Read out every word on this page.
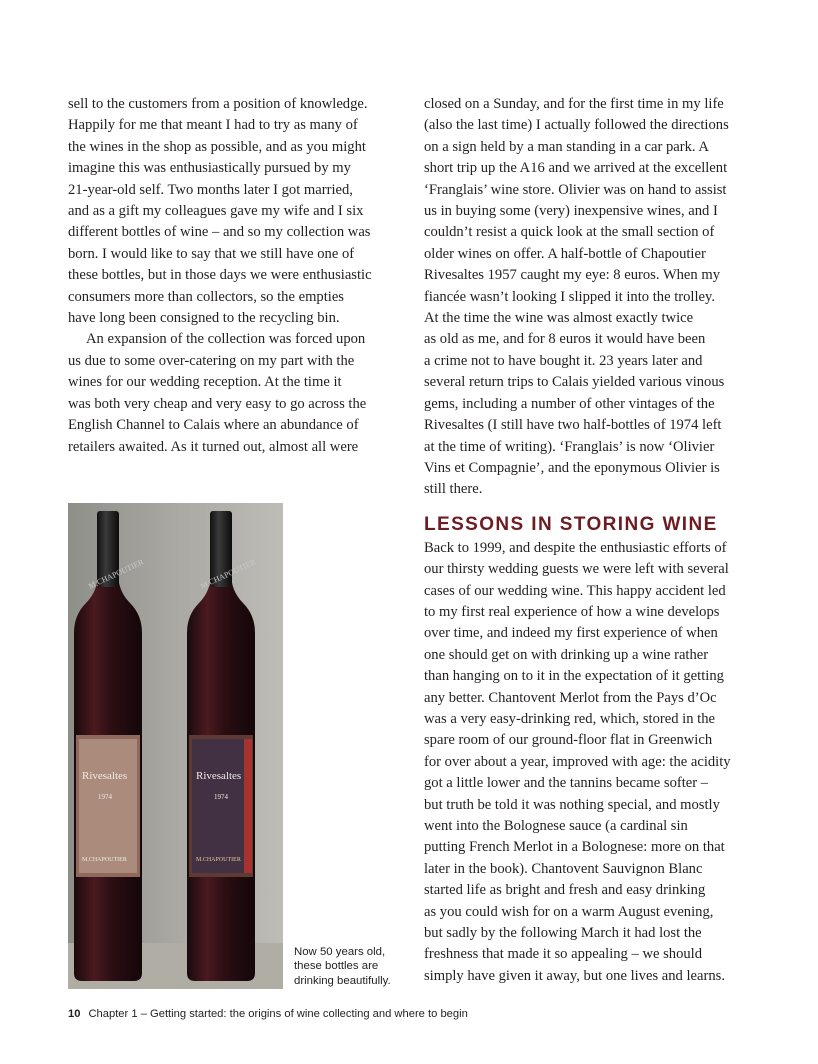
sell to the customers from a position of knowledge.
Happily for me that meant I had to try as many of
the wines in the shop as possible, and as you might
imagine this was enthusiastically pursued by my
21-year-old self. Two months later I got married,
and as a gift my colleagues gave my wife and I six
different bottles of wine – and so my collection was
born. I would like to say that we still have one of
these bottles, but in those days we were enthusiastic
consumers more than collectors, so the empties
have long been consigned to the recycling bin.
An expansion of the collection was forced upon
us due to some over-catering on my part with the
wines for our wedding reception. At the time it
was both very cheap and very easy to go across the
English Channel to Calais where an abundance of
retailers awaited. As it turned out, almost all were
closed on a Sunday, and for the first time in my life
(also the last time) I actually followed the directions
on a sign held by a man standing in a car park. A
short trip up the A16 and we arrived at the excellent
‘Franglais’ wine store. Olivier was on hand to assist
us in buying some (very) inexpensive wines, and I
couldn’t resist a quick look at the small section of
older wines on offer. A half-bottle of Chapoutier
Rivesaltes 1957 caught my eye: 8 euros. When my
fiancée wasn’t looking I slipped it into the trolley.
At the time the wine was almost exactly twice
as old as me, and for 8 euros it would have been
a crime not to have bought it. 23 years later and
several return trips to Calais yielded various vinous
gems, including a number of other vintages of the
Rivesaltes (I still have two half-bottles of 1974 left
at the time of writing). ‘Franglais’ is now ‘Olivier
Vins et Compagnie’, and the eponymous Olivier is
still there.
LESSONS IN STORING WINE
Back to 1999, and despite the enthusiastic efforts of
our thirsty wedding guests we were left with several
cases of our wedding wine. This happy accident led
to my first real experience of how a wine develops
over time, and indeed my first experience of when
one should get on with drinking up a wine rather
than hanging on to it in the expectation of it getting
any better. Chantovent Merlot from the Pays d’Oc
was a very easy-drinking red, which, stored in the
spare room of our ground-floor flat in Greenwich
for over about a year, improved with age: the acidity
got a little lower and the tannins became softer –
but truth be told it was nothing special, and mostly
went into the Bolognese sauce (a cardinal sin
putting French Merlot in a Bolognese: more on that
later in the book). Chantovent Sauvignon Blanc
started life as bright and fresh and easy drinking
as you could wish for on a warm August evening,
but sadly by the following March it had lost the
freshness that made it so appealing – we should
simply have given it away, but one lives and learns.
M.CHAPOUTIER
Rivesaltes
1974
M.CHAPOUTIER
M.CHAPOUTIER
Rivesaltes
1974
M.CHAPOUTIER
Now 50 years old,
these bottles are
drinking beautifully.
10 Chapter 1 – Getting started: the origins of wine collecting and where to begin
